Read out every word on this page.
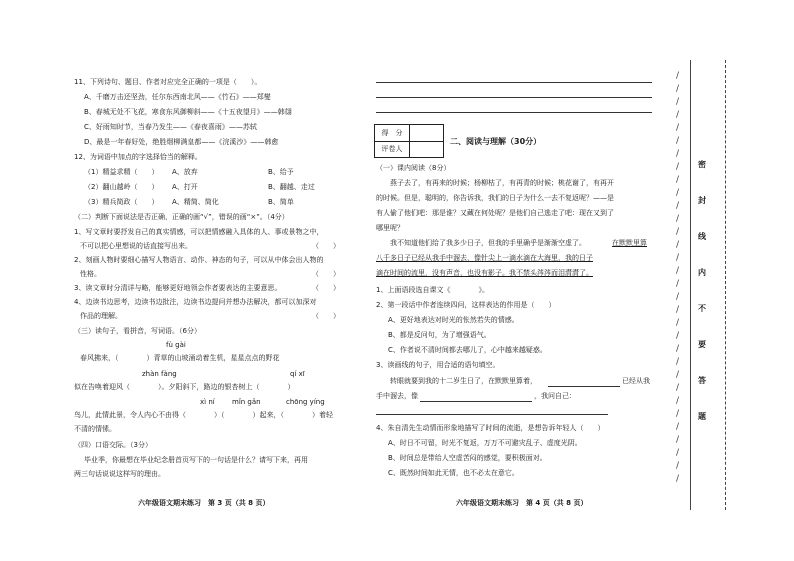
11、下列诗句、题目、作者对应完全正确的一项是（　　）。
A、千磨万击还坚劲，任尔东西南北风——《竹石》——郑燮
B、春城无处不飞花，寒食东风御柳斜——《十五夜望月》——韩翃
C、好雨知时节，当春乃发生——《春夜喜雨》——苏轼
D、最是一年春好处，绝胜烟柳满皇都——《浣溪沙》——韩愈
12、为词语中加点的字选择恰当的解释。
（1）精益求精（　　） A、放弃	B、给予
（2）翻山越岭（　　） A、打开	B、翻越、走过
（3）精兵简政（　　） A、精简、简化	B、简单
（二）判断下面说法是否正确，正确的画“√”，错误的画“×”。（4分）
1、写文章时要抒发自己的真实情感，可以把情感融入具体的人、事或景物之中，
不可以把心里想说的话直接写出来。	（　　）
2、刻画人物时要细心描写人物语言、动作、神态的句子，可以从中体会出人物的
性格。	（　　）
3、读文章时分清详与略，能够更好地领会作者要表达的主要意思。	（　　）
4、边读书边思考，边读书边批注，边读书边提问并想办法解决，都可以加深对
作品的理解。	（　　）
（三）读句子，看拼音，写词语。（6分）
fù gài
春风拂来，（　　　　）青草的山坡涌动着生机，星星点点的野花
zhàn fàng	qí xī
似在告唤着迎风（　　　　）。夕阳斜下，路边的银杏树上（　　　　）
xì ní mǐn gǎn	chōng yíng
鸟儿，此情此景，令人内心不由得（　　　　）（　　　　）起来，（　　　　）着轻
不清的情愫。
（四）口语交际。（3分）
毕业季，你最想在毕业纪念册首页写下的一句话是什么？请写下来，再用
两三句话说说这样写的理由。
六年级语文期末练习　第 3 页（共 8 页）
得　分
评卷人
二、阅读与理解（30分）
（一）课内阅读（8分）
燕子去了，有再来的时候；杨柳枯了，有再青的时候；桃花谢了，有再开
的时候。但是，聪明的，你告诉我，我们的日子为什么一去不复返呢？——是
有人偷了他们吧：那是谁？又藏在何处呢？是他们自己逃走了吧：现在又到了
哪里呢？
我不知道他们给了我多少日子，但我的手里确乎是渐渐空虚了。	在默默里算
八千多日子已经从我手中溜去，像针尖上一滴水滴在大海里，我的日子
滴在时间的流里，没有声音，也没有影子。我不禁头涔涔而泪潸潸了。
1、上面语段选自课文《　　　　》。
2、第一段话中作者连续四问，这样表达的作用是（　　）
A、更好地表达对时光的怅然若失的情感。
B、都是反问句，为了增强语气。
C、作者说不清时间都去哪儿了，心中越来越疑惑。
3、读画线的句子，用合适的语句填空。
转眼就要到我的十二岁生日了，在默默里算着，	已经从我
手中溜去，像	，我问自己：
4、朱自清先生动情而形象地描写了时间的流逝，是想告诉年轻人（　　）
A、时日不可留，时光不复返，万万不可避灾乱子、虚度光阴。
B、时间总是带给人空虚苦闷的感觉，要积极面对。
C、既然时间如此无情，也不必太在意它。
六年级语文期末练习　第 4 页（共 8 页）
/
/
/
/
/
/
/
/
/
/
/
/
/
/
/
/
/
/
/
/
/
/
/
/
/
/
/
/
/
/
/
/
密
封
线
内
不
要
答
题
